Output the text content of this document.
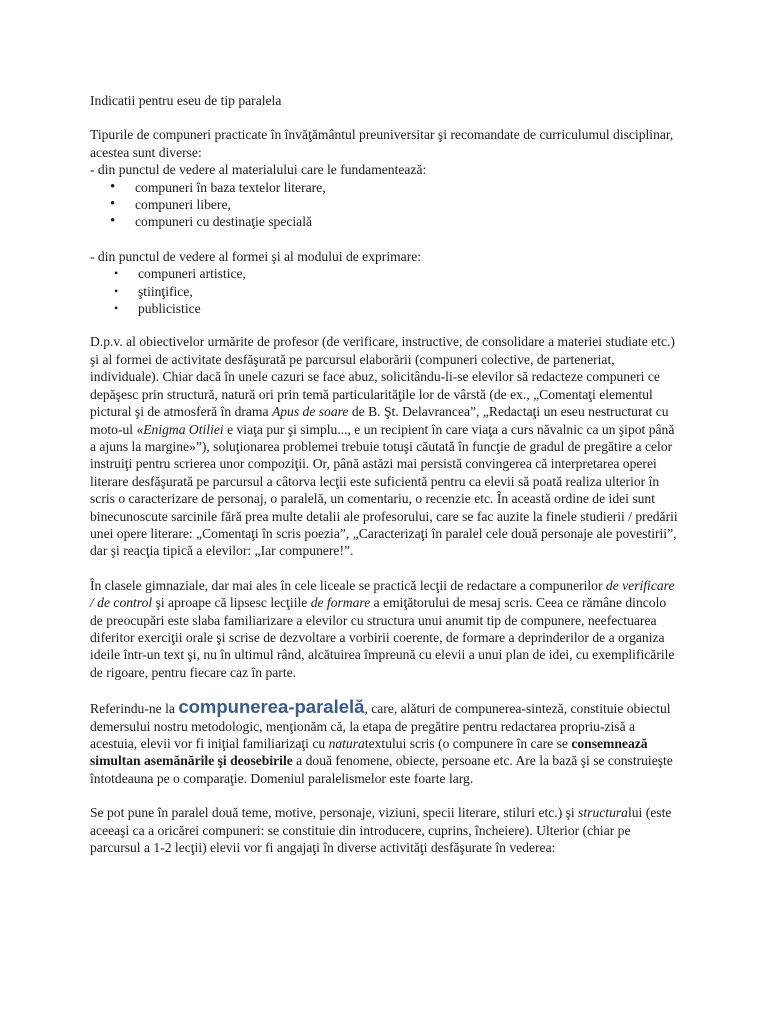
Indicatii pentru eseu de tip paralela

Tipurile de compuneri practicate în învăţământul preuniversitar şi recomandate de curriculumul disciplinar, acestea sunt diverse:
- din punctul de vedere al materialului care le fundamentează:

• compuneri în baza textelor literare,
• compuneri libere,
• compuneri cu destinaţie specială

- din punctul de vedere al formei şi al modului de exprimare:

• compuneri artistice,
• ştiinţifice,
• publicistice

D.p.v. al obiectivelor urmărite de profesor (de verificare, instructive, de consolidare a materiei studiate etc.) şi al formei de activitate desfăşurată pe parcursul elaborării (compuneri colective, de parteneriat, individuale). Chiar dacă în unele cazuri se face abuz, solicitându-li-se elevilor să redacteze compuneri ce depăşesc prin structură, natură ori prin temă particularităţile lor de vârstă (de ex., „Comentaţi elementul pictural şi de atmosferă în drama Apus de soare de B. Şt. Delavrancea”, „Redactaţi un eseu nestructurat cu moto-ul «Enigma Otiliei e viaţa pur şi simplu..., e un recipient în care viaţa a curs năvalnic ca un şipot până a ajuns la margine»”), soluţionarea problemei trebuie totuşi căutată în funcţie de gradul de pregătire a celor instruiţi pentru scrierea unor compoziţii. Or, până astăzi mai persistă convingerea că interpretarea operei literare desfăşurată pe parcursul a câtorva lecţii este suficientă pentru ca elevii să poată realiza ulterior în scris o caracterizare de personaj, o paralelă, un comentariu, o recenzie etc. În această ordine de idei sunt binecunoscute sarcinile fără prea multe detalii ale profesorului, care se fac auzite la finele studierii / predării unei opere literare: „Comentaţi în scris poezia”, „Caracterizaţi în paralel cele două personaje ale povestirii”, dar şi reacţia tipică a elevilor: „Iar compunere!”.

În clasele gimnaziale, dar mai ales în cele liceale se practică lecţii de redactare a compunerilor de verificare / de control şi aproape că lipsesc lecţiile de formare a emiţătorului de mesaj scris. Ceea ce rămâne dincolo de preocupări este slaba familiarizare a elevilor cu structura unui anumit tip de compunere, neefectuarea diferitor exerciţii orale şi scrise de dezvoltare a vorbirii coerente, de formare a deprinderilor de a organiza ideile într-un text şi, nu în ultimul rând, alcătuirea împreună cu elevii a unui plan de idei, cu exemplificările de rigoare, pentru fiecare caz în parte.

Referindu-ne la compunerea-paralelă, care, alături de compunerea-sinteză, constituie obiectul demersului nostru metodologic, menţionăm că, la etapa de pregătire pentru redactarea propriu-zisă a acestuia, elevii vor fi iniţial familiarizaţi cu naturatextului scris (o compunere în care se consemnează simultan asemănările şi deosebirile a două fenomene, obiecte, persoane etc. Are la bază şi se construieşte întotdeauna pe o comparaţie. Domeniul paralelismelor este foarte larg.

Se pot pune în paralel două teme, motive, personaje, viziuni, specii literare, stiluri etc.) şi structuralui (este aceeaşi ca a oricărei compuneri: se constituie din introducere, cuprins, încheiere). Ulterior (chiar pe parcursul a 1-2 lecţii) elevii vor fi angajaţi în diverse activităţi desfăşurate în vederea:
